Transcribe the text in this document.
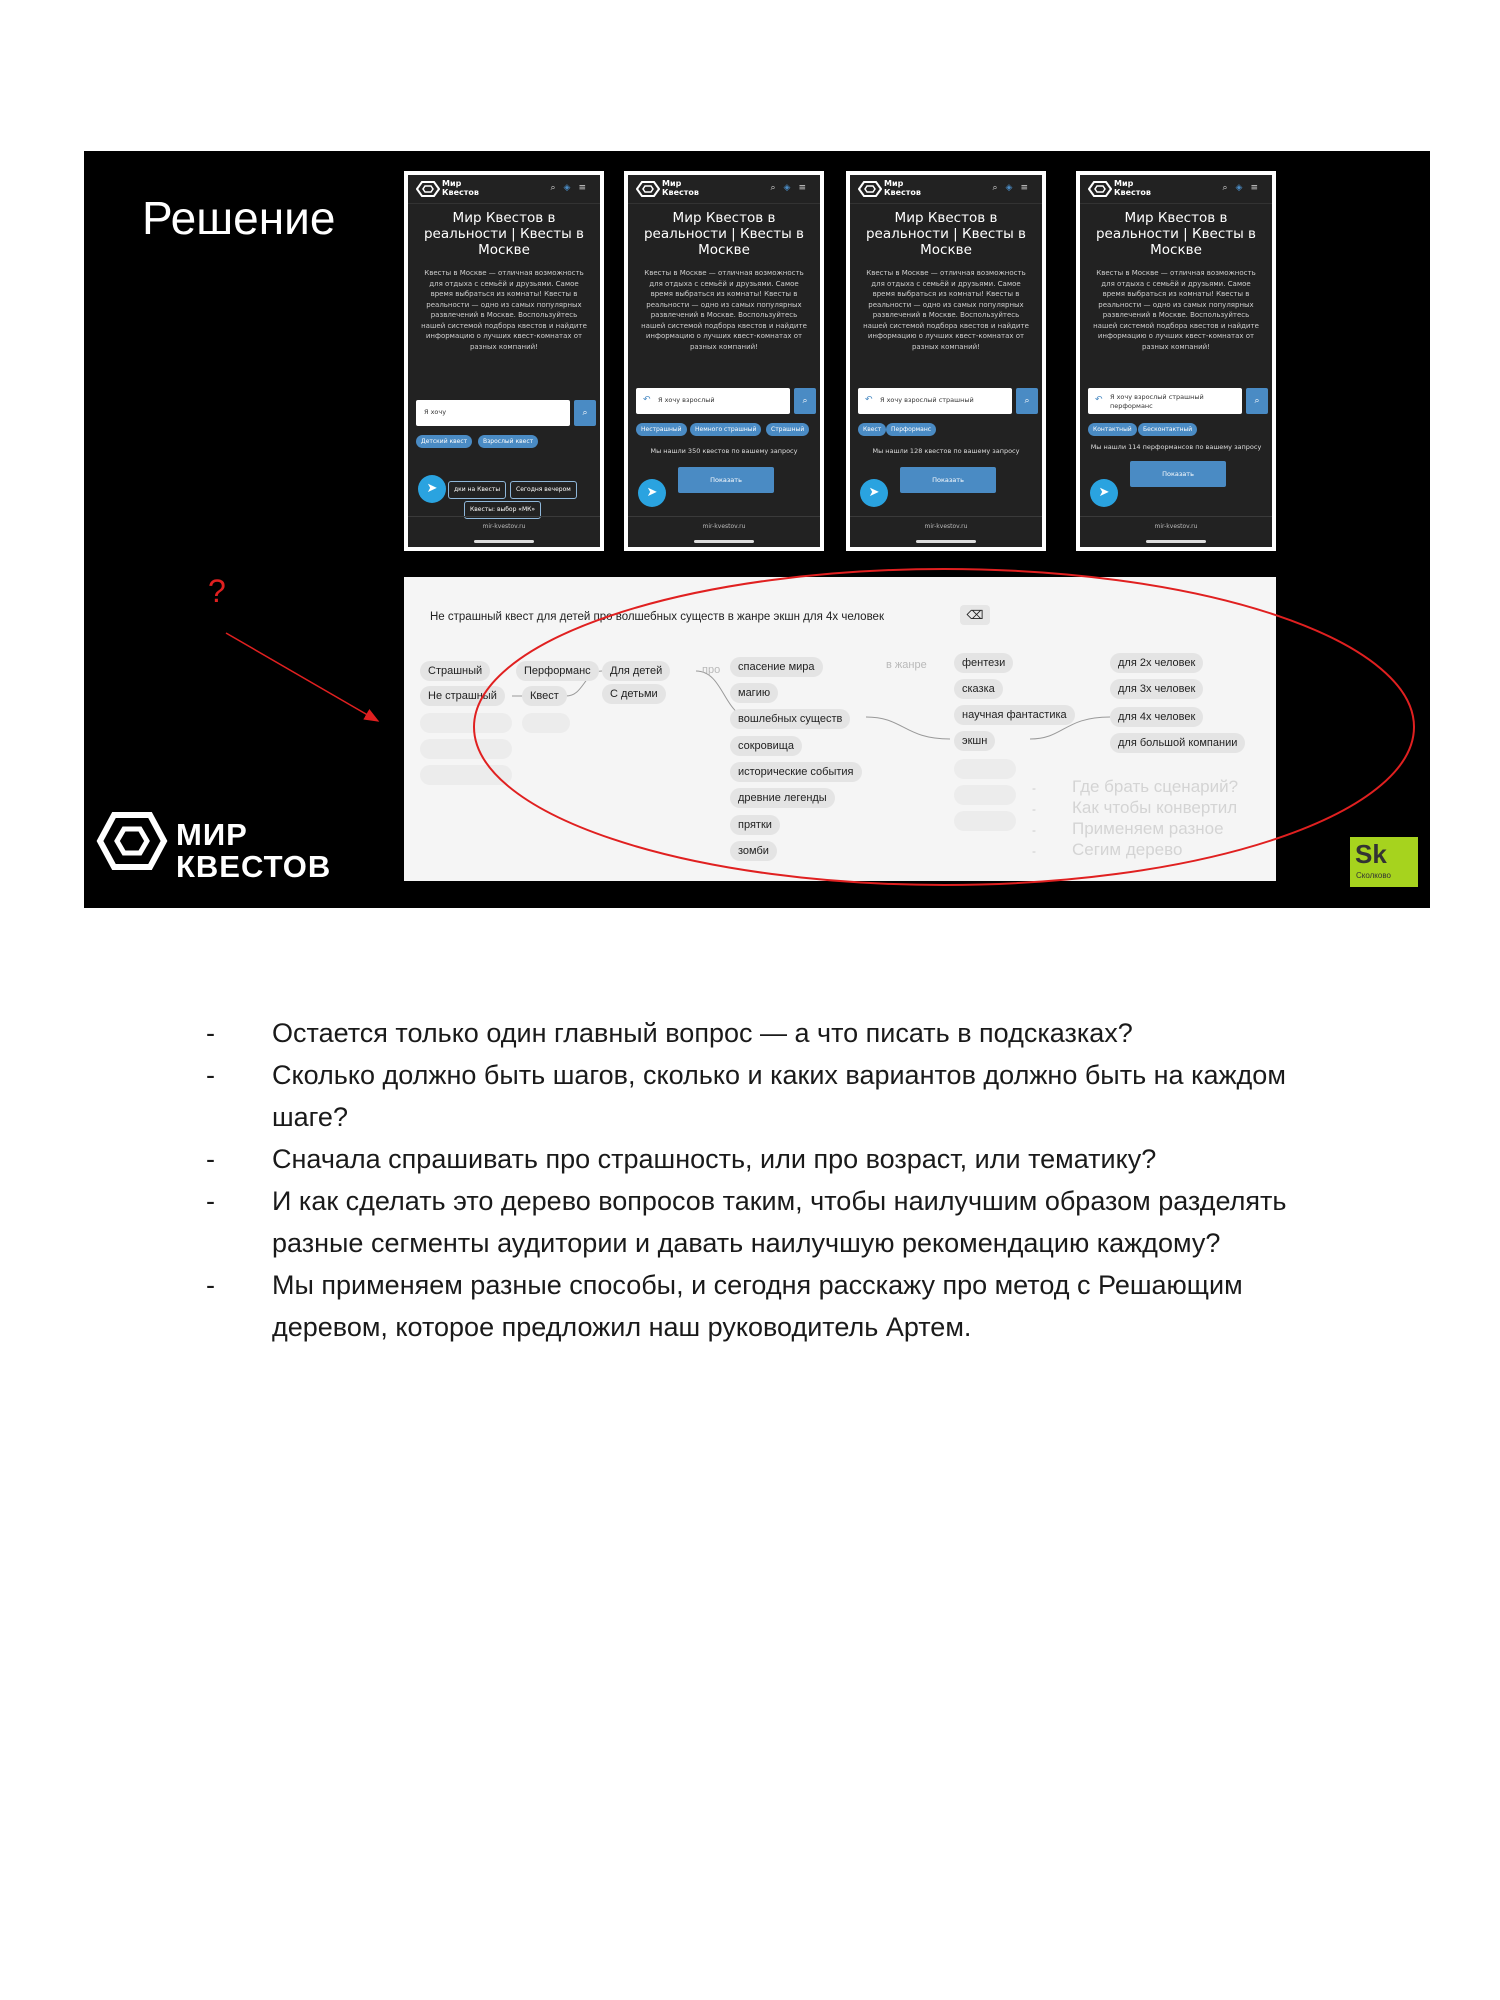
Решение
Мир
Квестов	⌕◈≡
Мир Квестов в реальности | Квесты в Москве
Квесты в Москве — отличная возможность для отдыха с семьёй и друзьями. Самое время выбраться из комнаты! Квесты в реальности — одно из самых популярных развлечений в Москве. Воспользуйтесь нашей системой подбора квестов и найдите информацию о лучших квест-комнатах от разных компаний!
Я хочу	⌕
Детский квест	Взрослый квест
дки на Квесты	Сегодня вечером
Квесты: выбор «МК»
➤
mir-kvestov.ru
Мир
Квестов	⌕◈≡
Мир Квестов в реальности | Квесты в Москве
Квесты в Москве — отличная возможность для отдыха с семьёй и друзьями. Самое время выбраться из комнаты! Квесты в реальности — одно из самых популярных развлечений в Москве. Воспользуйтесь нашей системой подбора квестов и найдите информацию о лучших квест-комнатах от разных компаний!
↶ Я хочу взрослый	⌕
Нестрашный	Немного страшный	Страшный
Мы нашли 350 квестов по вашему запросу
Показать
➤
mir-kvestov.ru
Мир
Квестов	⌕◈≡
Мир Квестов в реальности | Квесты в Москве
Квесты в Москве — отличная возможность для отдыха с семьёй и друзьями. Самое время выбраться из комнаты! Квесты в реальности — одно из самых популярных развлечений в Москве. Воспользуйтесь нашей системой подбора квестов и найдите информацию о лучших квест-комнатах от разных компаний!
↶ Я хочу взрослый страшный	⌕
Квест	Перформанс
Мы нашли 128 квестов по вашему запросу
Показать
➤
mir-kvestov.ru
Мир
Квестов	⌕◈≡
Мир Квестов в реальности | Квесты в Москве
Квесты в Москве — отличная возможность для отдыха с семьёй и друзьями. Самое время выбраться из комнаты! Квесты в реальности — одно из самых популярных развлечений в Москве. Воспользуйтесь нашей системой подбора квестов и найдите информацию о лучших квест-комнатах от разных компаний!
↶ Я хочу взрослый страшный перформанс	⌕
Контактный	Бесконтактный
Мы нашли 114 перформансов по вашему запросу
Показать
➤
mir-kvestov.ru
Не страшный квест для детей про волшебных существ в жанре экшн для 4х человек	⌫
Страшный
Не страшный
Перформанс
Квест
Для детей
С детьми
про	спасение мира
магию
вошлебных существ
сокровища
исторические события
древние легенды
прятки
зомби
в жанре	фентези
сказка
научная фантастика
экшн
для 2х человек
для 3х человек
для 4х человек
для большой компании
- Где брать сценарий?
- Как чтобы конвертил
- Применяем разное
- Сегим дерево
?
МИР
КВЕСТОВ	Sk
Сколково
- Остается только один главный вопрос — а что писать в подсказках?
- Сколько должно быть шагов, сколько и каких вариантов должно быть на каждом шаге?
- Сначала спрашивать про страшность, или про возраст, или тематику?
- И как сделать это дерево вопросов таким, чтобы наилучшим образом разделять разные сегменты аудитории и давать наилучшую рекомендацию каждому?
- Мы применяем разные способы, и сегодня расскажу про метод с Решающим деревом, которое предложил наш руководитель Артем.
